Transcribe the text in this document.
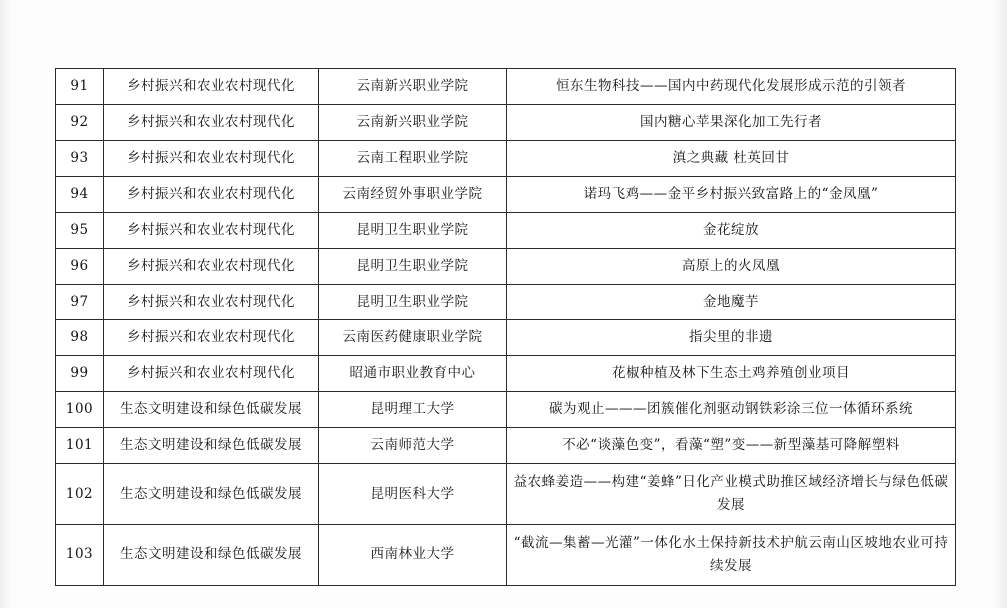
91	乡村振兴和农业农村现代化	云南新兴职业学院	恒东生物科技——国内中药现代化发展形成示范的引领者
92	乡村振兴和农业农村现代化	云南新兴职业学院	国内糖心苹果深化加工先行者
93	乡村振兴和农业农村现代化	云南工程职业学院	滇之典藏 杜英回甘
94	乡村振兴和农业农村现代化	云南经贸外事职业学院	诺玛飞鸡——金平乡村振兴致富路上的“金凤凰”
95	乡村振兴和农业农村现代化	昆明卫生职业学院	金花绽放
96	乡村振兴和农业农村现代化	昆明卫生职业学院	高原上的火凤凰
97	乡村振兴和农业农村现代化	昆明卫生职业学院	金地魔芋
98	乡村振兴和农业农村现代化	云南医药健康职业学院	指尖里的非遗
99	乡村振兴和农业农村现代化	昭通市职业教育中心	花椒种植及林下生态土鸡养殖创业项目
100	生态文明建设和绿色低碳发展	昆明理工大学	碳为观止———团簇催化剂驱动钢铁彩涂三位一体循环系统
101	生态文明建设和绿色低碳发展	云南师范大学	不必“谈藻色变”，看藻“塑”变——新型藻基可降解塑料
102	生态文明建设和绿色低碳发展	昆明医科大学	益农蜂姜造——构建“姜蜂”日化产业模式助推区域经济增长与绿色低碳发展
103	生态文明建设和绿色低碳发展	西南林业大学	“截流—集蓄—光灌”一体化水土保持新技术护航云南山区坡地农业可持续发展
